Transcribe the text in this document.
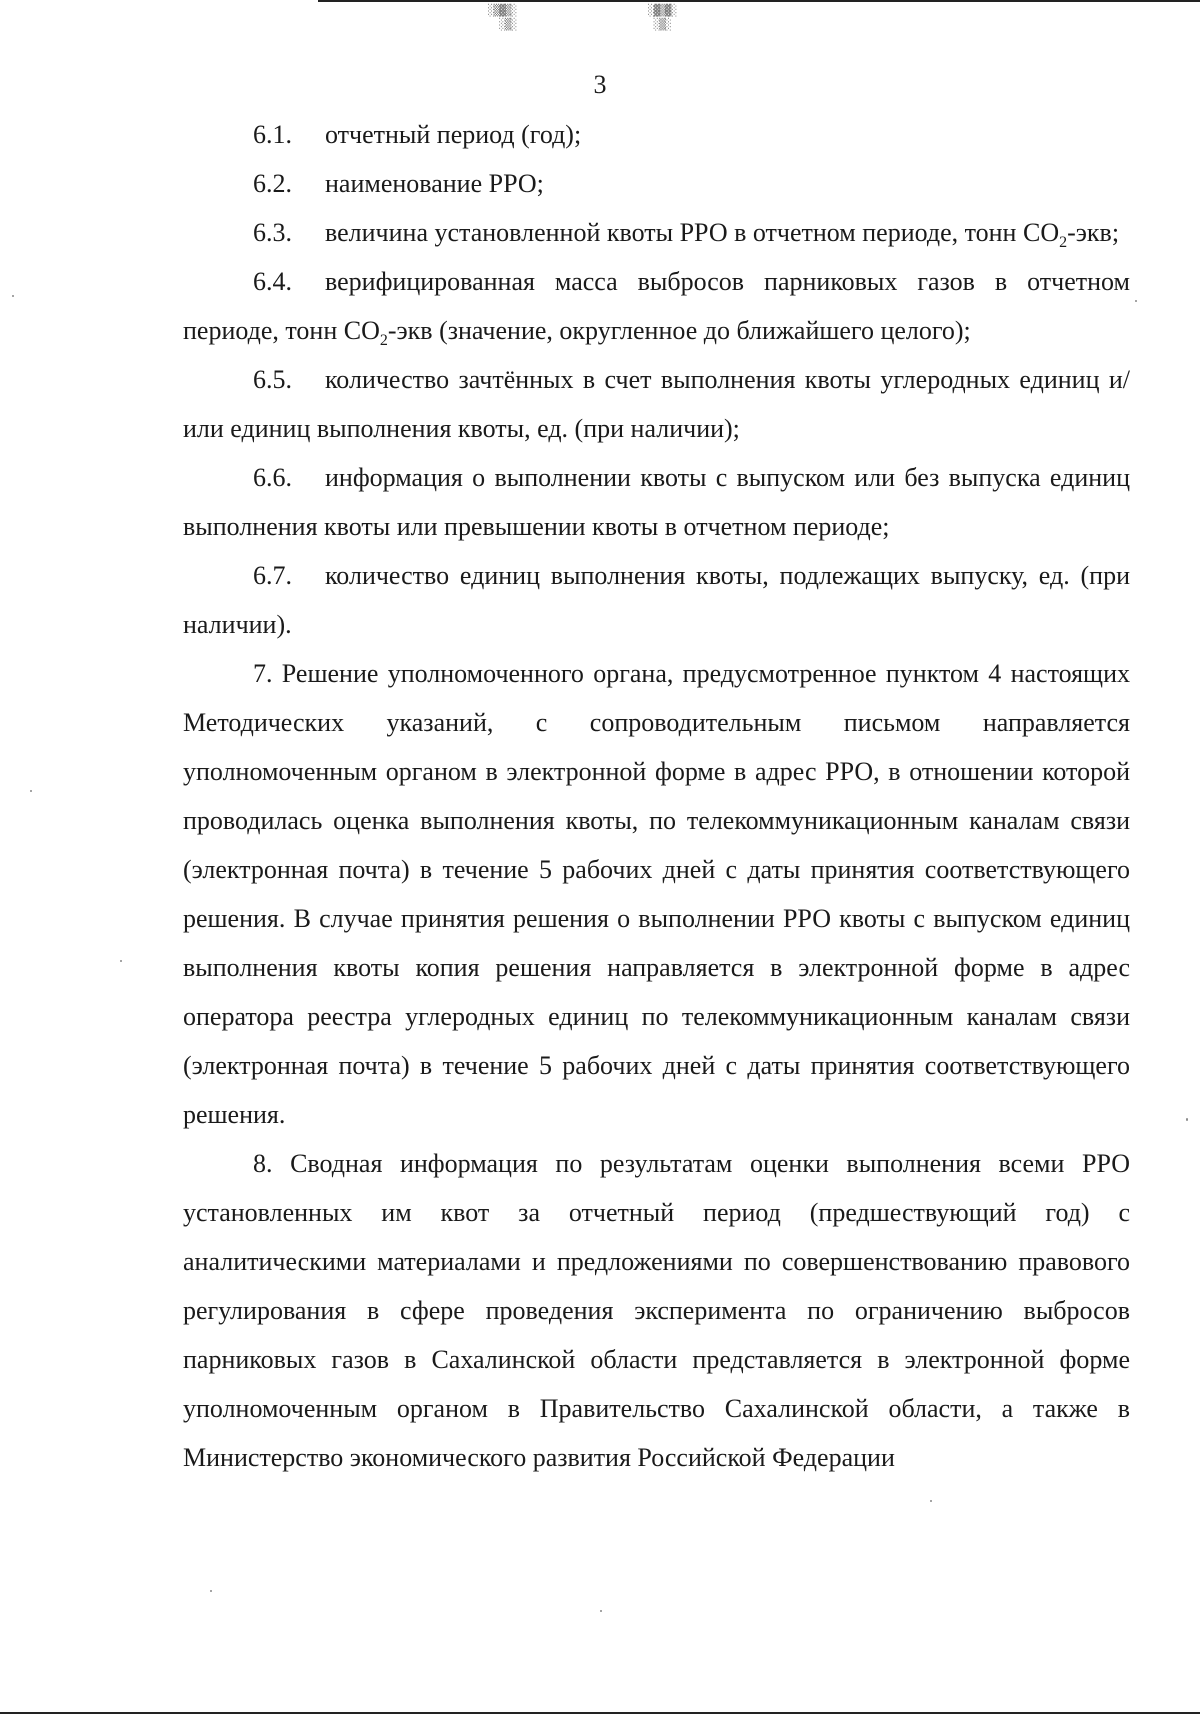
░▒▓▒░
░▒░
░▓▒▓░
░▒░
3

6.1. отчетный период (год);

6.2. наименование РРО;

6.3. величина установленной квоты РРО в отчетном периоде, тонн $CO_2$-экв;

6.4. верифицированная масса выбросов парниковых газов в отчетном периоде, тонн $CO_2$-экв (значение, округленное до ближайшего целого);

6.5. количество зачтённых в счет выполнения квоты углеродных единиц и/или единиц выполнения квоты, ед. (при наличии);

6.6. информация о выполнении квоты с выпуском или без выпуска единиц выполнения квоты или превышении квоты в отчетном периоде;

6.7. количество единиц выполнения квоты, подлежащих выпуску, ед. (при наличии).

7. Решение уполномоченного органа, предусмотренное пунктом 4 настоящих Методических указаний, с сопроводительным письмом направляется уполномоченным органом в электронной форме в адрес РРО, в отношении которой проводилась оценка выполнения квоты, по телекоммуникационным каналам связи (электронная почта) в течение 5 рабочих дней с даты принятия соответствующего решения. В случае принятия решения о выполнении РРО квоты с выпуском единиц выполнения квоты копия решения направляется в электронной форме в адрес оператора реестра углеродных единиц по телекоммуникационным каналам связи (электронная почта) в течение 5 рабочих дней с даты принятия соответствующего решения.

8. Сводная информация по результатам оценки выполнения всеми РРО установленных им квот за отчетный период (предшествующий год) с аналитическими материалами и предложениями по совершенствованию правового регулирования в сфере проведения эксперимента по ограничению выбросов парниковых газов в Сахалинской области представляется в электронной форме уполномоченным органом в Правительство Сахалинской области, а также в Министерство экономического развития Российской Федерации
